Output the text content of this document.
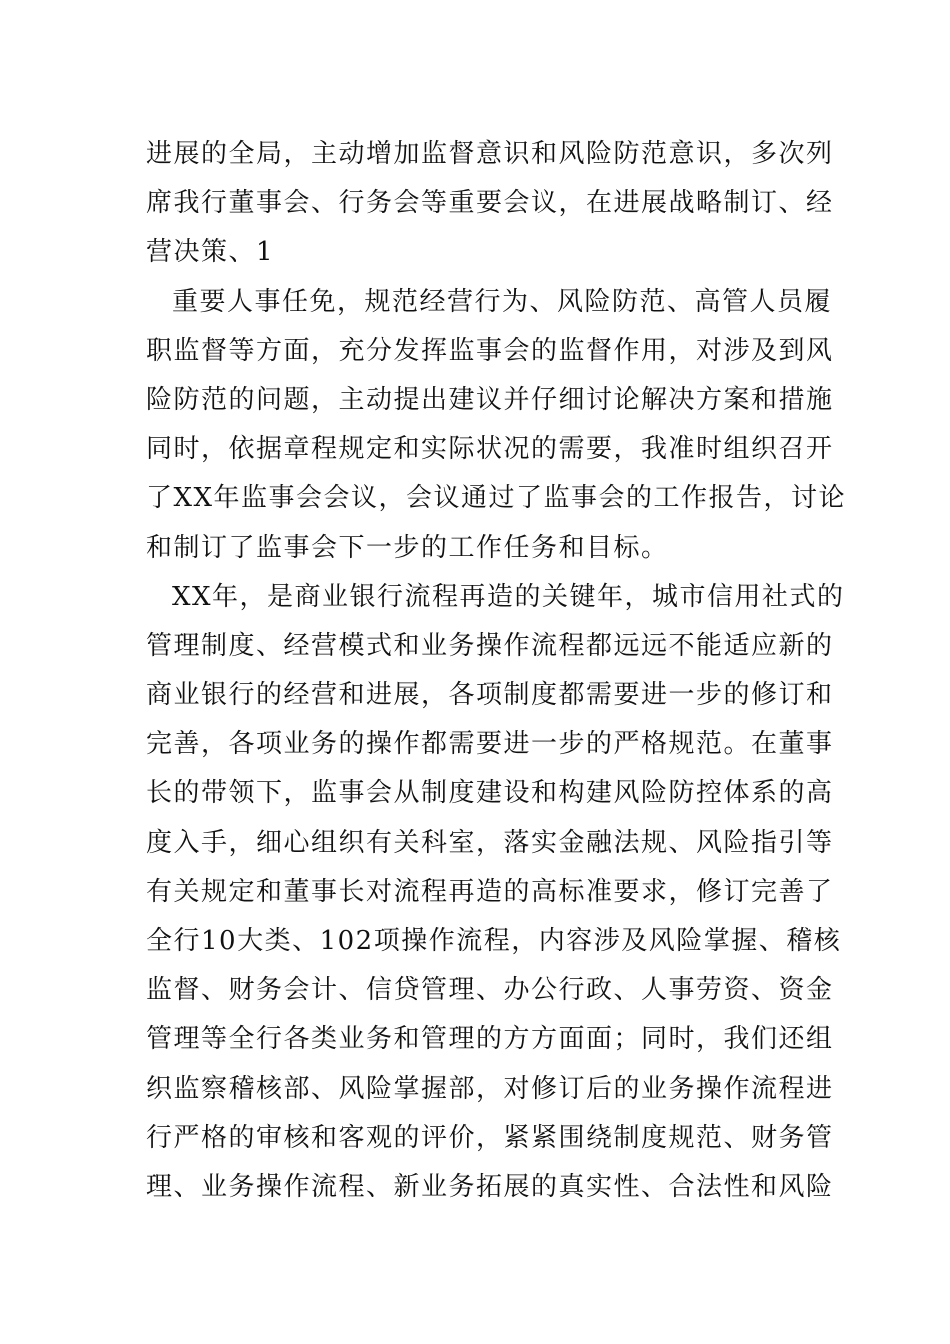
进展的全局，主动增加监督意识和风险防范意识，多次列
席我行董事会、行务会等重要会议，在进展战略制订、经
营决策、1
重要人事任免，规范经营行为、风险防范、高管人员履
职监督等方面，充分发挥监事会的监督作用，对涉及到风
险防范的问题，主动提出建议并仔细讨论解决方案和措施
同时，依据章程规定和实际状况的需要，我准时组织召开
了XX年监事会会议，会议通过了监事会的工作报告，讨论
和制订了监事会下一步的工作任务和目标。
XX年，是商业银行流程再造的关键年，城市信用社式的
管理制度、经营模式和业务操作流程都远远不能适应新的
商业银行的经营和进展，各项制度都需要进一步的修订和
完善，各项业务的操作都需要进一步的严格规范。在董事
长的带领下，监事会从制度建设和构建风险防控体系的高
度入手，细心组织有关科室，落实金融法规、风险指引等
有关规定和董事长对流程再造的高标准要求，修订完善了
全行10大类、102项操作流程，内容涉及风险掌握、稽核
监督、财务会计、信贷管理、办公行政、人事劳资、资金
管理等全行各类业务和管理的方方面面；同时，我们还组
织监察稽核部、风险掌握部，对修订后的业务操作流程进
行严格的审核和客观的评价，紧紧围绕制度规范、财务管
理、业务操作流程、新业务拓展的真实性、合法性和风险
